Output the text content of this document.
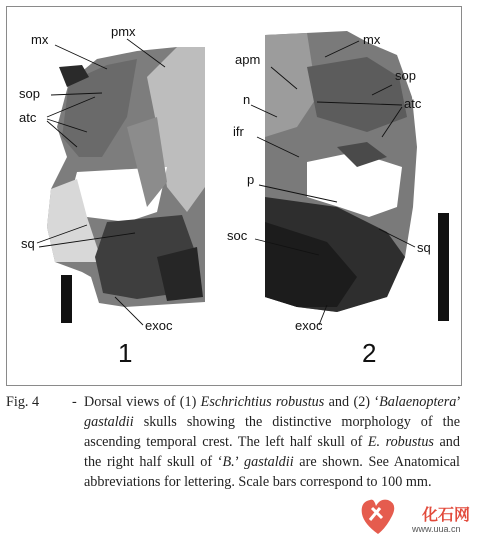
mx
pmx
sop
atc
sq
exoc
1
mx
apm
sop
n	atc
ifr
p
soc
sq
exoc
2
Fig. 4 - Dorsal views of (1) Eschrichtius robustus and (2) ‘Balaenoptera’ gastaldii skulls showing the distinctive morphology of the ascending temporal crest. The left half skull of E. robustus and the right half skull of ‘B.’ gastaldii are shown. See Anatomical abbreviations for lettering. Scale bars correspond to 100 mm.

化石网
www.uua.cn
